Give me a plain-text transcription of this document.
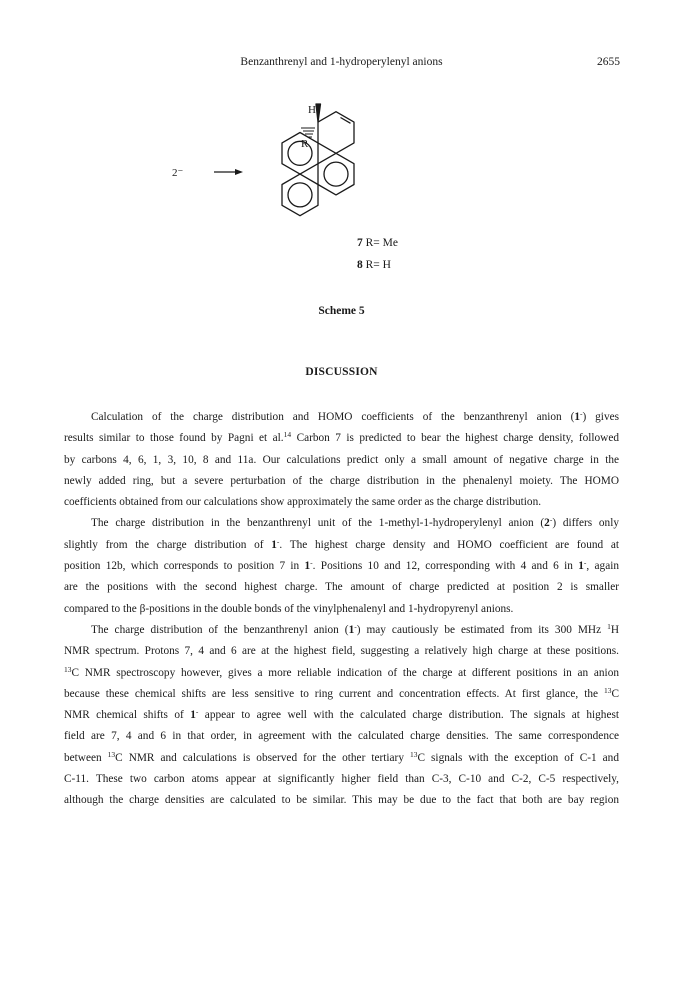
Benzanthrenyl and 1-hydroperylenyl anions	2655
H
R
2⁻
7 R= Me
8 R= H
Scheme 5
DISCUSSION
Calculation of the charge distribution and HOMO coefficients of the benzanthrenyl anion (1-) gives
results similar to those found by Pagni et al.$^{14}$ Carbon 7 is predicted to bear the highest charge density, followed
by carbons 4, 6, 1, 3, 10, 8 and 11a. Our calculations predict only a small amount of negative charge in the
newly added ring, but a severe perturbation of the charge distribution in the phenalenyl moiety. The HOMO
coefficients obtained from our calculations show approximately the same order as the charge distribution.
The charge distribution in the benzanthrenyl unit of the 1-methyl-1-hydroperylenyl anion (2-) differs only
slightly from the charge distribution of 1-. The highest charge density and HOMO coefficient are found at
position 12b, which corresponds to position 7 in 1-. Positions 10 and 12, corresponding with 4 and 6 in 1-, again
are the positions with the second highest charge. The amount of charge predicted at position 2 is smaller
compared to the β-positions in the double bonds of the vinylphenalenyl and 1-hydropyrenyl anions.
The charge distribution of the benzanthrenyl anion (1-) may cautiously be estimated from its 300 MHz $^1$H
NMR spectrum. Protons 7, 4 and 6 are at the highest field, suggesting a relatively high charge at these positions.
$^{13}$C NMR spectroscopy however, gives a more reliable indication of the charge at different positions in an anion
because these chemical shifts are less sensitive to ring current and concentration effects. At first glance, the $^{13}$C
NMR chemical shifts of 1- appear to agree well with the calculated charge distribution. The signals at highest
field are 7, 4 and 6 in that order, in agreement with the calculated charge densities. The same correspondence
between $^{13}$C NMR and calculations is observed for the other tertiary $^{13}$C signals with the exception of C-1 and
C-11. These two carbon atoms appear at significantly higher field than C-3, C-10 and C-2, C-5 respectively,
although the charge densities are calculated to be similar. This may be due to the fact that both are bay region
